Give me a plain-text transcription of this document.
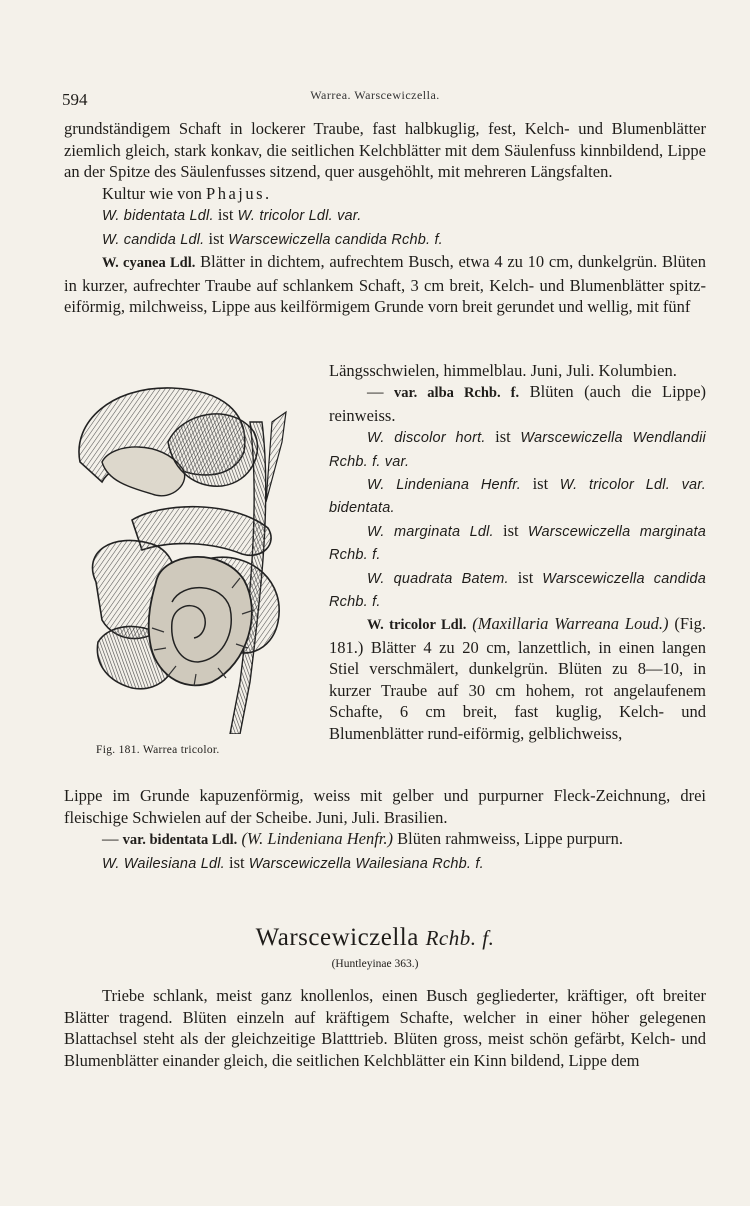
594	Warrea. Warscewiczella.

grundständigem Schaft in lockerer Traube, fast halbkuglig, fest, Kelch- und Blumenblätter ziemlich gleich, stark konkav, die seitlichen Kelchblätter mit dem Säulenfuss kinnbildend, Lippe an der Spitze des Säulenfusses sitzend, quer ausgehöhlt, mit mehreren Längsfalten.

Kultur wie von Phajus.

W. bidentata Ldl. ist W. tricolor Ldl. var.

W. candida Ldl. ist Warscewiczella candida Rchb. f.

W. cyanea Ldl. Blätter in dichtem, aufrechtem Busch, etwa 4 zu 10 cm, dunkelgrün. Blüten in kurzer, aufrechter Traube auf schlankem Schaft, 3 cm breit, Kelch- und Blumenblätter spitz-eiförmig, milchweiss, Lippe aus keilförmigem Grunde vorn breit gerundet und wellig, mit fünf

Fig. 181. Warrea tricolor.

Längsschwielen, himmelblau. Juni, Juli. Kolumbien.

— var. alba Rchb. f. Blüten (auch die Lippe) reinweiss.

W. discolor hort. ist Warscewiczella Wendlandii Rchb. f. var.

W. Lindeniana Henfr. ist W. tricolor Ldl. var. bidentata.

W. marginata Ldl. ist Warscewiczella marginata Rchb. f.

W. quadrata Batem. ist Warscewiczella candida Rchb. f.

W. tricolor Ldl. (Maxillaria Warreana Loud.) (Fig. 181.) Blätter 4 zu 20 cm, lanzettlich, in einen langen Stiel verschmälert, dunkelgrün. Blüten zu 8—10, in kurzer Traube auf 30 cm hohem, rot angelaufenem Schafte, 6 cm breit, fast kuglig, Kelch- und Blumenblätter rund-eiförmig, gelblichweiss,

Lippe im Grunde kapuzenförmig, weiss mit gelber und purpurner Fleck-Zeichnung, drei fleischige Schwielen auf der Scheibe. Juni, Juli. Brasilien.

— var. bidentata Ldl. (W. Lindeniana Henfr.) Blüten rahmweiss, Lippe purpurn.

W. Wailesiana Ldl. ist Warscewiczella Wailesiana Rchb. f.

Warscewiczella Rchb. f.
(Huntleyinae 363.)

Triebe schlank, meist ganz knollenlos, einen Busch gegliederter, kräftiger, oft breiter Blätter tragend. Blüten einzeln auf kräftigem Schafte, welcher in einer höher gelegenen Blattachsel steht als der gleichzeitige Blatttrieb. Blüten gross, meist schön gefärbt, Kelch- und Blumenblätter einander gleich, die seitlichen Kelchblätter ein Kinn bildend, Lippe dem
